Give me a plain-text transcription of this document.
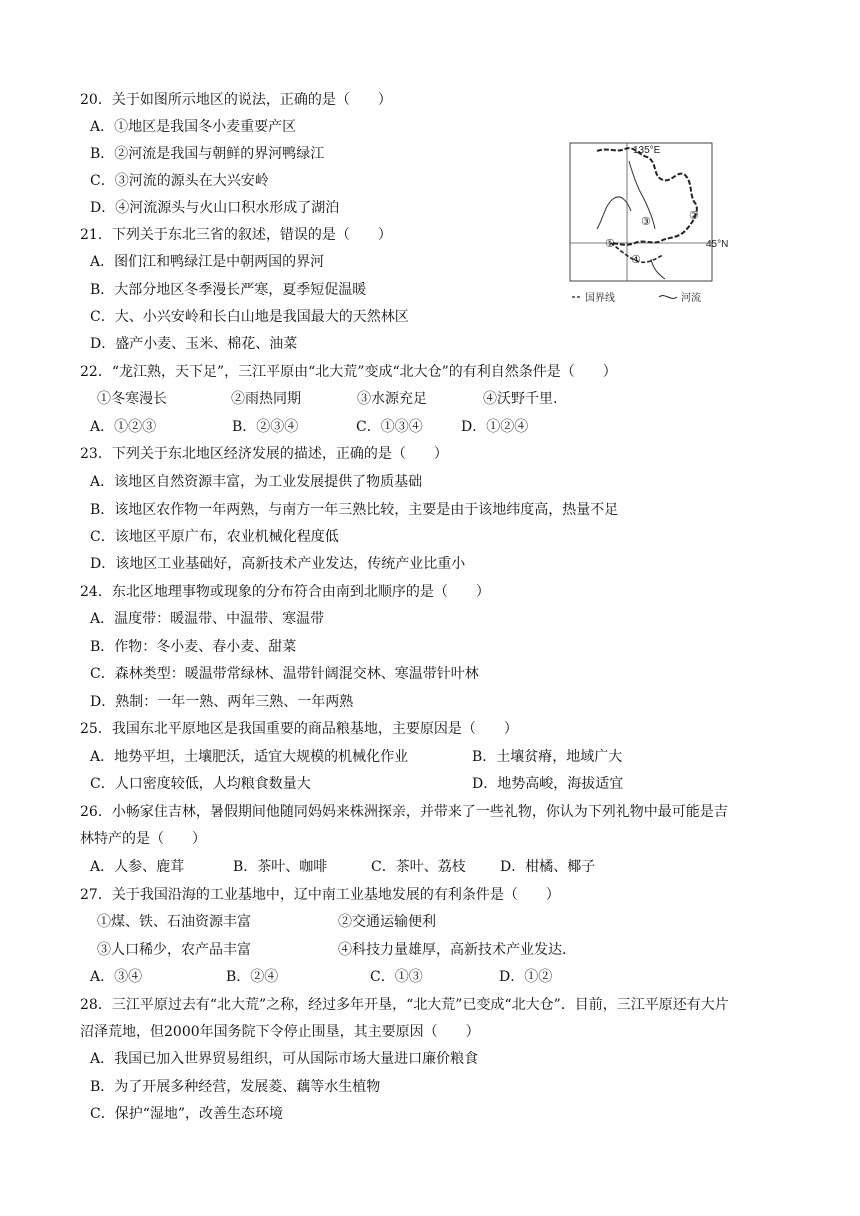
20．关于如图所示地区的说法，正确的是（　　）
A．①地区是我国冬小麦重要产区
B．②河流是我国与朝鲜的界河鸭绿江
C．③河流的源头在大兴安岭
D．④河流源头与火山口积水形成了湖泊
135°E
45°N
①
②
③
④
国界线	河流
21．下列关于东北三省的叙述，错误的是（　　）
A．图们江和鸭绿江是中朝两国的界河
B．大部分地区冬季漫长严寒，夏季短促温暖
C．大、小兴安岭和长白山地是我国最大的天然林区
D．盛产小麦、玉米、棉花、油菜
22．“龙江熟，天下足”，三江平原由“北大荒”变成“北大仓”的有利自然条件是（　　）
①冬寒漫长	②雨热同期	③水源充足	④沃野千里.
A．①②③	B．②③④	C．①③④	D．①②④
23．下列关于东北地区经济发展的描述，正确的是（　　）
A．该地区自然资源丰富，为工业发展提供了物质基础
B．该地区农作物一年两熟，与南方一年三熟比较，主要是由于该地纬度高，热量不足
C．该地区平原广布，农业机械化程度低
D．该地区工业基础好，高新技术产业发达，传统产业比重小
24．东北区地理事物或现象的分布符合由南到北顺序的是（　　）
A．温度带：暖温带、中温带、寒温带
B．作物：冬小麦、春小麦、甜菜
C．森林类型：暖温带常绿林、温带针阔混交林、寒温带针叶林
D．熟制：一年一熟、两年三熟、一年两熟
25．我国东北平原地区是我国重要的商品粮基地，主要原因是（　　）
A．地势平坦，土壤肥沃，适宜大规模的机械化作业	B．土壤贫瘠，地域广大
C．人口密度较低，人均粮食数量大	D．地势高峻，海拔适宜
26．小畅家住吉林，暑假期间他随同妈妈来株洲探亲，并带来了一些礼物，你认为下列礼物中最可能是吉
林特产的是（　　）
A．人参、鹿茸	B．茶叶、咖啡	C．茶叶、荔枝 D．柑橘、椰子
27．关于我国沿海的工业基地中，辽中南工业基地发展的有利条件是（　　）
①煤、铁、石油资源丰富	②交通运输便利
③人口稀少，农产品丰富	④科技力量雄厚，高新技术产业发达.
A．③④	B．②④	C．①③	D．①②
28．三江平原过去有“北大荒”之称，经过多年开垦，“北大荒”已变成“北大仓”．目前，三江平原还有大片
沼泽荒地，但2000年国务院下令停止围垦，其主要原因（　　）
A．我国已加入世界贸易组织，可从国际市场大量进口廉价粮食
B．为了开展多种经营，发展菱、藕等水生植物
C．保护“湿地”，改善生态环境
